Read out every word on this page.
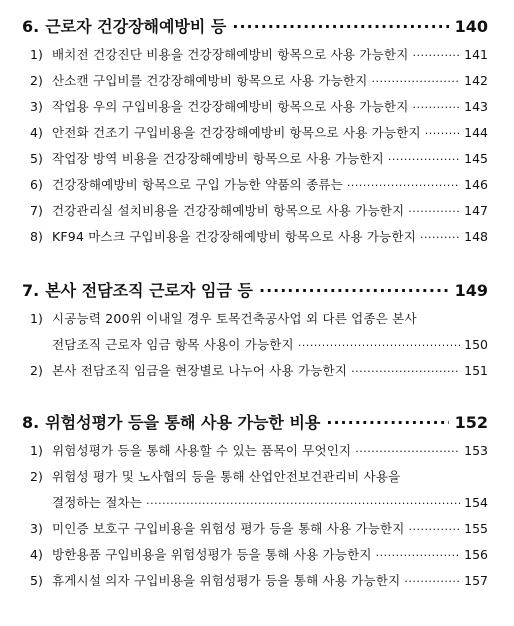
6. 근로자 건강장해예방비 등 ·····	140
1) 배치전 건강진단 비용을 건강장해예방비 항목으로 사용 가능한지 ·····	141
2) 산소캔 구입비를 건강장해예방비 항목으로 사용 가능한지 ·····	142
3) 작업용 우의 구입비용을 건강장해예방비 항목으로 사용 가능한지 ·····	143
4) 안전화 건조기 구입비용을 건강장해예방비 항목으로 사용 가능한지 ·····	144
5) 작업장 방역 비용을 건강장해예방비 항목으로 사용 가능한지 ·····	145
6) 건강장해예방비 항목으로 구입 가능한 약품의 종류는 ·····	146
7) 건강관리실 설치비용을 건강장해예방비 항목으로 사용 가능한지 ·····	147
8) KF94 마스크 구입비용을 건강장해예방비 항목으로 사용 가능한지 ·····	148
7. 본사 전담조직 근로자 임금 등 ·····	149
1) 시공능력 200위 이내일 경우 토목건축공사업 외 다른 업종은 본사
전담조직 근로자 임금 항목 사용이 가능한지 ·····	150
2) 본사 전담조직 임금을 현장별로 나누어 사용 가능한지 ·····	151
8. 위험성평가 등을 통해 사용 가능한 비용 ·····	152
1) 위험성평가 등을 통해 사용할 수 있는 품목이 무엇인지 ·····	153
2) 위험성 평가 및 노사협의 등을 통해 산업안전보건관리비 사용을
결정하는 절차는 ·····	154
3) 미인증 보호구 구입비용을 위험성 평가 등을 통해 사용 가능한지 ·····	155
4) 방한용품 구입비용을 위험성평가 등을 통해 사용 가능한지 ·····	156
5) 휴게시설 의자 구입비용을 위험성평가 등을 통해 사용 가능한지 ·····	157
